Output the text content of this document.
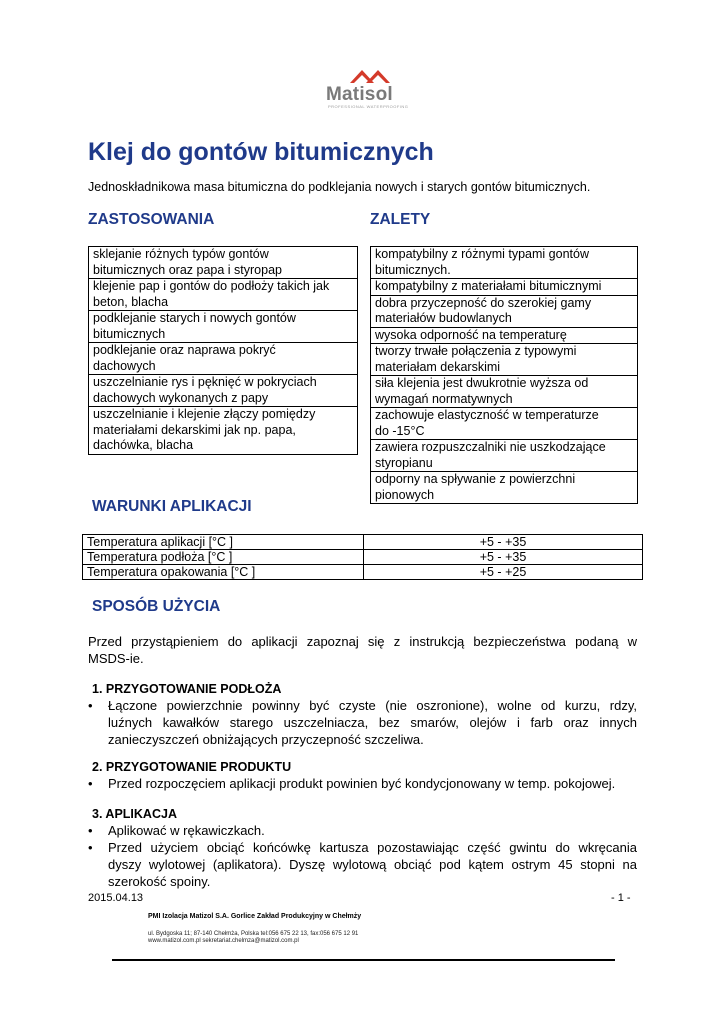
Matisol
PROFESSIONAL WATERPROOFING
Klej do gontów bitumicznych
Jednoskładnikowa masa bitumiczna do podklejania nowych i starych gontów bitumicznych.
ZASTOSOWANIA
sklejanie różnych typów gontów
bitumicznych oraz papa i styropap
klejenie pap i gontów do podłoży takich jak
beton, blacha
podklejanie starych i nowych gontów
bitumicznych
podklejanie oraz naprawa pokryć
dachowych
uszczelnianie rys i pęknięć w pokryciach
dachowych wykonanych z papy
uszczelnianie i klejenie złączy pomiędzy
materiałami dekarskimi jak np. papa,
dachówka, blacha
ZALETY
kompatybilny z różnymi typami gontów
bitumicznych.
kompatybilny z materiałami bitumicznymi
dobra przyczepność do szerokiej gamy
materiałów budowlanych
wysoka odporność na temperaturę
tworzy trwałe połączenia z typowymi
materiałam dekarskimi
siła klejenia jest dwukrotnie wyższa od
wymagań normatywnych
zachowuje elastyczność w temperaturze
do -15°C
zawiera rozpuszczalniki nie uszkodzające
styropianu
odporny na spływanie z powierzchni
pionowych
WARUNKI APLIKACJI
Temperatura aplikacji [°C ]	+5 - +35
Temperatura podłoża [°C ]	+5 - +35
Temperatura opakowania [°C ]	+5 - +25
SPOSÓB UŻYCIA
Przed przystąpieniem do aplikacji zapoznaj się z instrukcją bezpieczeństwa podaną w
MSDS-ie.
1. PRZYGOTOWANIE PODŁOŻA
• Łączone powierzchnie powinny być czyste (nie oszronione), wolne od kurzu, rdzy,
luźnych kawałków starego uszczelniacza, bez smarów, olejów i farb oraz innych
zanieczyszczeń obniżających przyczepność szczeliwa.
2. PRZYGOTOWANIE PRODUKTU
• Przed rozpoczęciem aplikacji produkt powinien być kondycjonowany w temp. pokojowej.
3. APLIKACJA
• Aplikować w rękawiczkach.
• Przed użyciem obciąć końcówkę kartusza pozostawiając część gwintu do wkręcania
dyszy wylotowej (aplikatora). Dyszę wylotową obciąć pod kątem ostrym 45 stopni na
szerokość spoiny.
2015.04.13	- 1 -
PMI Izolacja Matizol S.A. Gorlice Zakład Produkcyjny w Chełmży
ul. Bydgoska 11; 87-140 Chełmża, Polska tel:056 675 22 13, fax:056 675 12 91
www.matizol.com.pl sekretariat.chelmza@matizol.com.pl
